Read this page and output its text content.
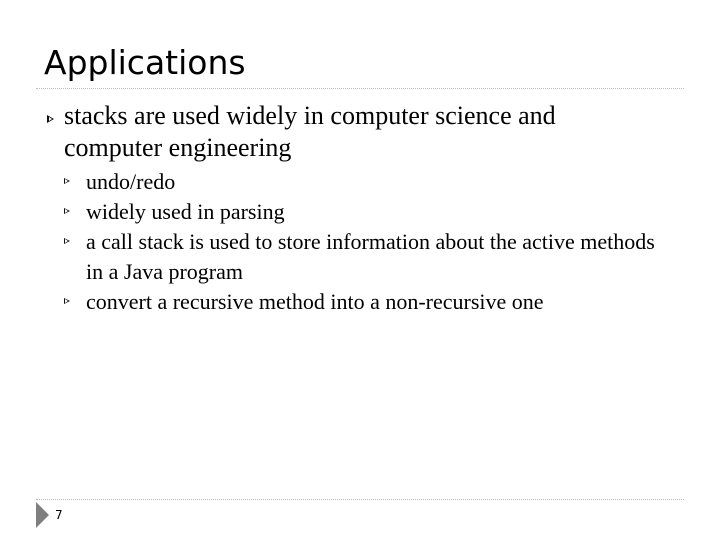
Applications
stacks are used widely in computer science and computer engineering
undo/redo
widely used in parsing
a call stack is used to store information about the active methods in a Java program
convert a recursive method into a non-recursive one
7
